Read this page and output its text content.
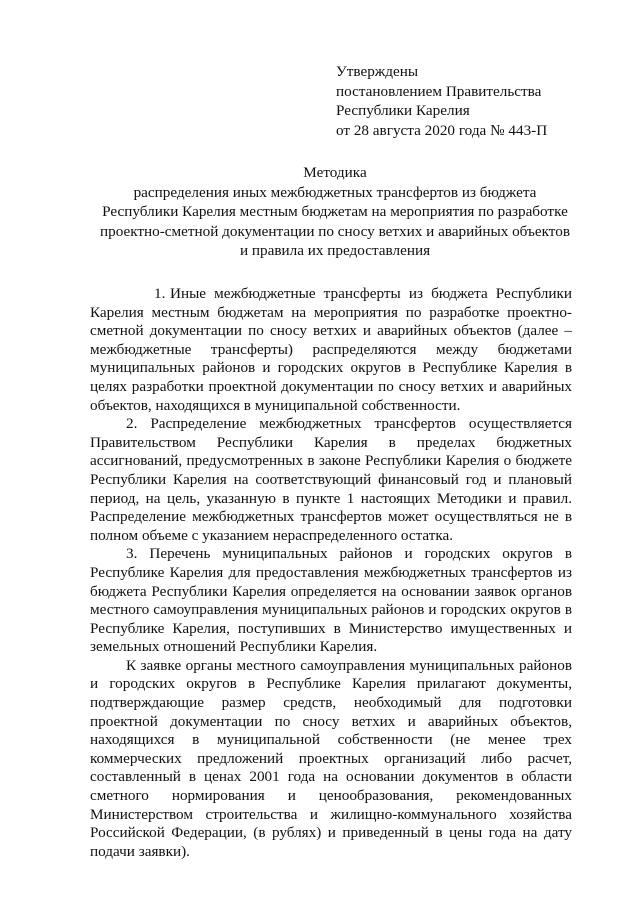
Утверждены
постановлением Правительства
Республики Карелия
от 28 августа 2020 года № 443-П
Методика
распределения иных межбюджетных трансфертов из бюджета
Республики Карелия местным бюджетам на мероприятия по разработке
проектно-сметной документации по сносу ветхих и аварийных объектов
и правила их предоставления

1. Иные межбюджетные трансферты из бюджета Республики Карелия местным бюджетам на мероприятия по разработке проектно-сметной документации по сносу ветхих и аварийных объектов (далее – межбюджетные трансферты) распределяются между бюджетами муниципальных районов и городских округов в Республике Карелия в целях разработки проектной документации по сносу ветхих и аварийных объектов, находящихся в муниципальной собственности.

2. Распределение межбюджетных трансфертов осуществляется Правительством Республики Карелия в пределах бюджетных ассигнований, предусмотренных в законе Республики Карелия о бюджете Республики Карелия на соответствующий финансовый год и плановый период, на цель, указанную в пункте 1 настоящих Методики и правил. Распределение межбюджетных трансфертов может осуществляться не в полном объеме с указанием нераспределенного остатка.

3. Перечень муниципальных районов и городских округов в Республике Карелия для предоставления межбюджетных трансфертов из бюджета Республики Карелия определяется на основании заявок органов местного самоуправления муниципальных районов и городских округов в Республике Карелия, поступивших в Министерство имущественных и земельных отношений Республики Карелия.

К заявке органы местного самоуправления муниципальных районов и городских округов в Республике Карелия прилагают документы, подтверждающие размер средств, необходимый для подготовки проектной документации по сносу ветхих и аварийных объектов, находящихся в муниципальной собственности (не менее трех коммерческих предложений проектных организаций либо расчет, составленный в ценах 2001 года на основании документов в области сметного нормирования и ценообразования, рекомендованных Министерством строительства и жилищно-коммунального хозяйства Российской Федерации, (в рублях) и приведенный в цены года на дату подачи заявки).
